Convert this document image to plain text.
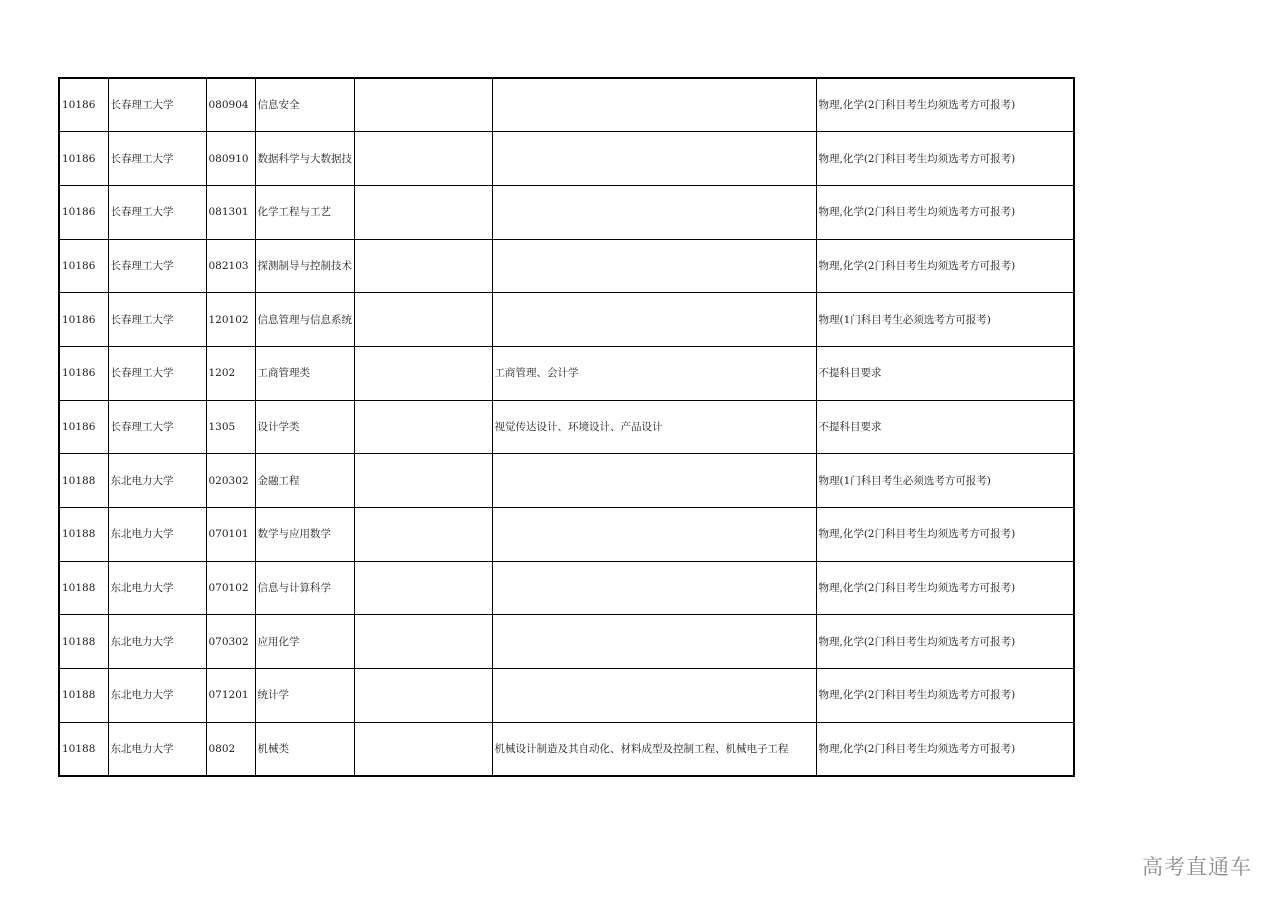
10186	长春理工大学	080904	信息安全			物理,化学(2门科目考生均须选考方可报考)
10186	长春理工大学	080910	数据科学与大数据技			物理,化学(2门科目考生均须选考方可报考)
10186	长春理工大学	081301	化学工程与工艺			物理,化学(2门科目考生均须选考方可报考)
10186	长春理工大学	082103	探测制导与控制技术			物理,化学(2门科目考生均须选考方可报考)
10186	长春理工大学	120102	信息管理与信息系统			物理(1门科目考生必须选考方可报考)
10186	长春理工大学	1202	工商管理类		工商管理、会计学	不提科目要求
10186	长春理工大学	1305	设计学类		视觉传达设计、环境设计、产品设计	不提科目要求
10188	东北电力大学	020302	金融工程			物理(1门科目考生必须选考方可报考)
10188	东北电力大学	070101	数学与应用数学			物理,化学(2门科目考生均须选考方可报考)
10188	东北电力大学	070102	信息与计算科学			物理,化学(2门科目考生均须选考方可报考)
10188	东北电力大学	070302	应用化学			物理,化学(2门科目考生均须选考方可报考)
10188	东北电力大学	071201	统计学			物理,化学(2门科目考生均须选考方可报考)
10188	东北电力大学	0802	机械类		机械设计制造及其自动化、材料成型及控制工程、机械电子工程	物理,化学(2门科目考生均须选考方可报考)
高考直通车
